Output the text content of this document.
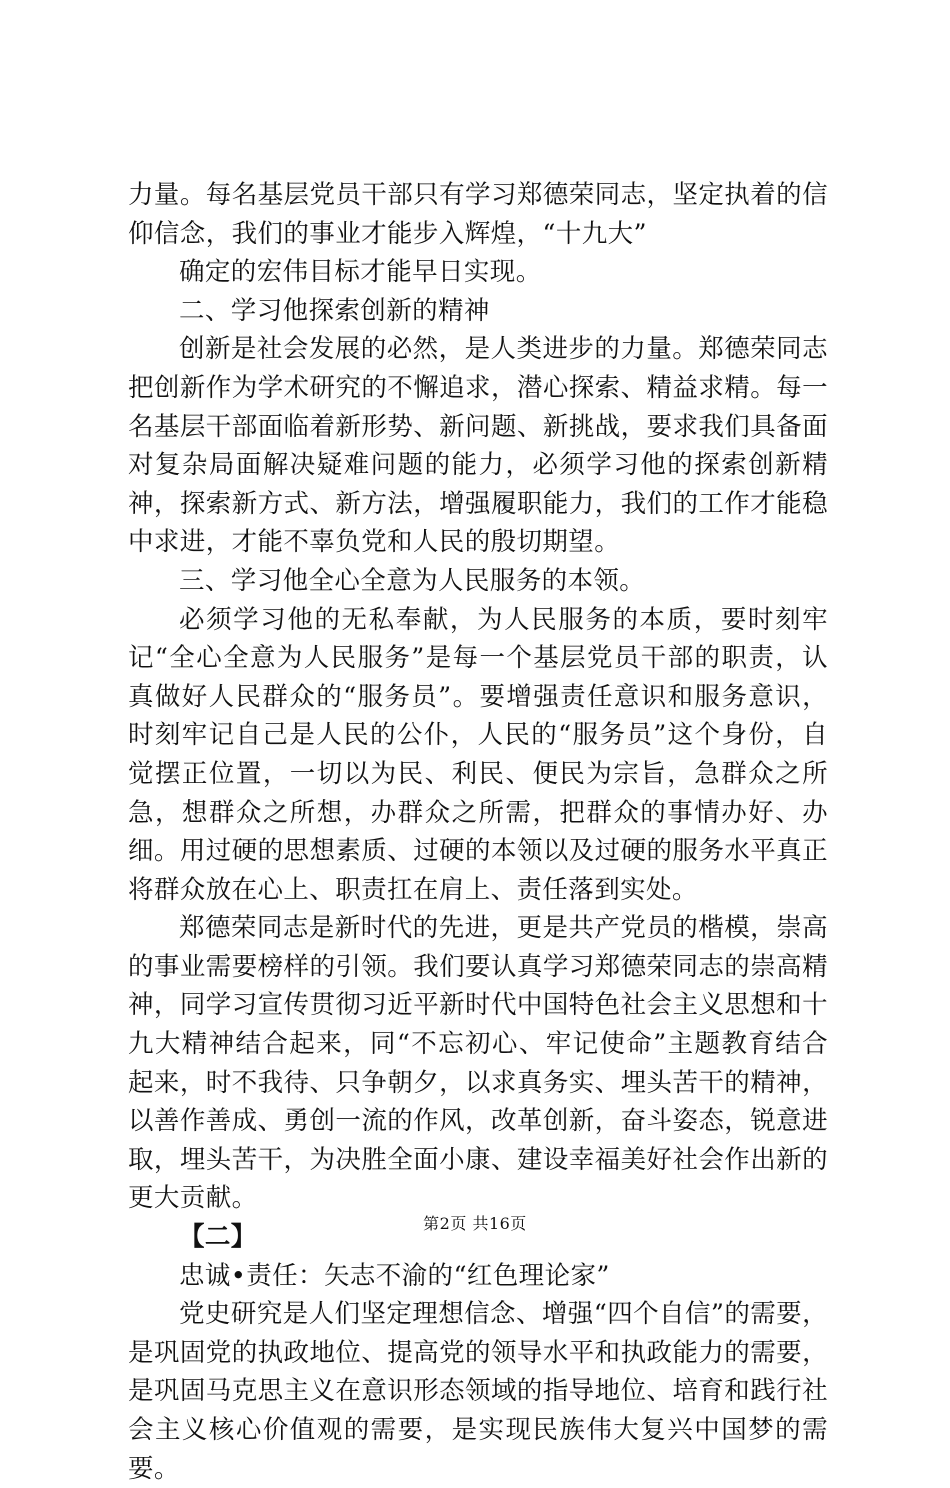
力量。每名基层党员干部只有学习郑德荣同志，坚定执着的信仰信念，我们的事业才能步入辉煌，“十九大”

确定的宏伟目标才能早日实现。

二、学习他探索创新的精神

创新是社会发展的必然，是人类进步的力量。郑德荣同志把创新作为学术研究的不懈追求，潜心探索、精益求精。每一名基层干部面临着新形势、新问题、新挑战，要求我们具备面对复杂局面解决疑难问题的能力，必须学习他的探索创新精神，探索新方式、新方法，增强履职能力，我们的工作才能稳中求进，才能不辜负党和人民的殷切期望。

三、学习他全心全意为人民服务的本领。

必须学习他的无私奉献，为人民服务的本质，要时刻牢记“全心全意为人民服务”是每一个基层党员干部的职责，认真做好人民群众的“服务员”。要增强责任意识和服务意识，时刻牢记自己是人民的公仆，人民的“服务员”这个身份，自觉摆正位置，一切以为民、利民、便民为宗旨，急群众之所急，想群众之所想，办群众之所需，把群众的事情办好、办细。用过硬的思想素质、过硬的本领以及过硬的服务水平真正将群众放在心上、职责扛在肩上、责任落到实处。

郑德荣同志是新时代的先进，更是共产党员的楷模，崇高的事业需要榜样的引领。我们要认真学习郑德荣同志的崇高精神，同学习宣传贯彻习近平新时代中国特色社会主义思想和十九大精神结合起来，同“不忘初心、牢记使命”主题教育结合起来，时不我待、只争朝夕，以求真务实、埋头苦干的精神，以善作善成、勇创一流的作风，改革创新，奋斗姿态，锐意进取，埋头苦干，为决胜全面小康、建设幸福美好社会作出新的更大贡献。

【二】

忠诚•责任：矢志不渝的“红色理论家”

党史研究是人们坚定理想信念、增强“四个自信”的需要，是巩固党的执政地位、提高党的领导水平和执政能力的需要，是巩固马克思主义在意识形态领域的指导地位、培育和践行社会主义核心价值观的需要，是实现民族伟大复兴中国梦的需要。

第2页 共16页
